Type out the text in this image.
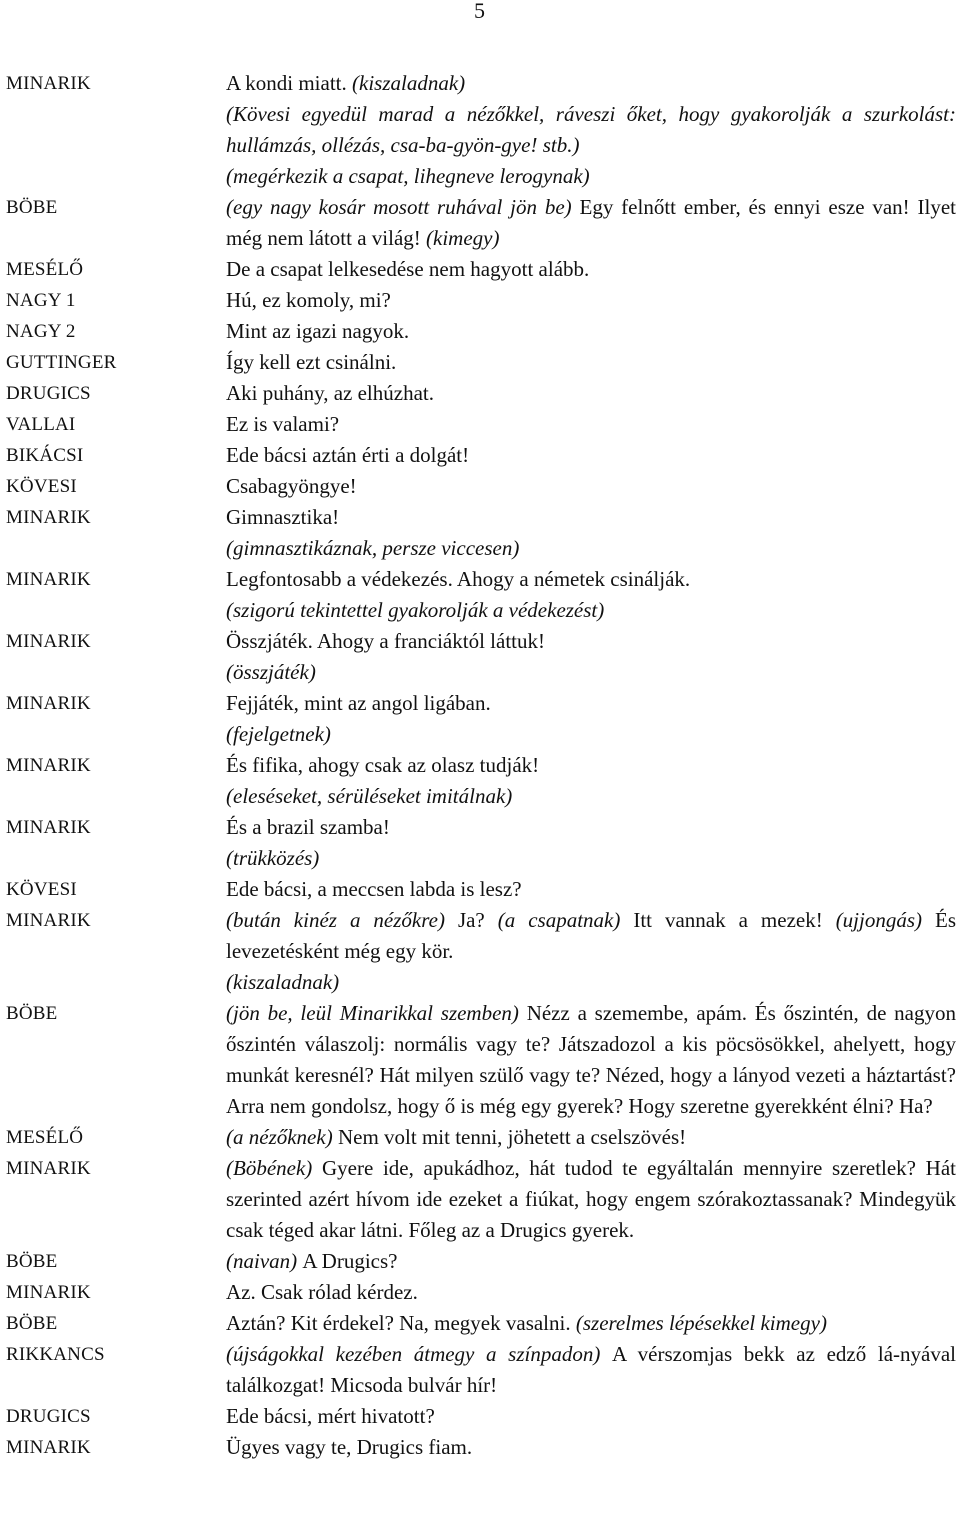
5
MINARIK	A kondi miatt. (kiszaladnak)
(Kövesi egyedül marad a nézőkkel, ráveszi őket, hogy gyakorolják a szurkolást: hullámzás, ollézás, csa-ba-gyön-gye! stb.)
(megérkezik a csapat, lihegneve lerogynak)
BÖBE	(egy nagy kosár mosott ruhával jön be) Egy felnőtt ember, és ennyi esze van! Ilyet még nem látott a világ! (kimegy)
MESÉLŐ	De a csapat lelkesedése nem hagyott alább.
NAGY 1	Hú, ez komoly, mi?
NAGY 2	Mint az igazi nagyok.
GUTTINGER	Így kell ezt csinálni.
DRUGICS	Aki puhány, az elhúzhat.
VALLAI	Ez is valami?
BIKÁCSI	Ede bácsi aztán érti a dolgát!
KÖVESI	Csabagyöngye!
MINARIK	Gimnasztika!
(gimnasztikáznak, persze viccesen)
MINARIK	Legfontosabb a védekezés. Ahogy a németek csinálják.
(szigorú tekintettel gyakorolják a védekezést)
MINARIK	Összjáték. Ahogy a franciáktól láttuk!
(összjáték)
MINARIK	Fejjáték, mint az angol ligában.
(fejelgetnek)
MINARIK	És fifika, ahogy csak az olasz tudják!
(eleséseket, sérüléseket imitálnak)
MINARIK	És a brazil szamba!
(trükközés)
KÖVESI	Ede bácsi, a meccsen labda is lesz?
MINARIK	(bután kinéz a nézőkre) Ja? (a csapatnak) Itt vannak a mezek! (ujjongás) És levezetésként még egy kör.
(kiszaladnak)
BÖBE	(jön be, leül Minarikkal szemben) Nézz a szemembe, apám. És őszintén, de nagyon őszintén válaszolj: normális vagy te? Játszadozol a kis pöcsösökkel, ahelyett, hogy munkát keresnél? Hát milyen szülő vagy te? Nézed, hogy a lányod vezeti a háztartást? Arra nem gondolsz, hogy ő is még egy gyerek? Hogy szeretne gyerekként élni? Ha?
MESÉLŐ	(a nézőknek) Nem volt mit tenni, jöhetett a cselszövés!
MINARIK	(Böbének) Gyere ide, apukádhoz, hát tudod te egyáltalán mennyire szeretlek? Hát szerinted azért hívom ide ezeket a fiúkat, hogy engem szórakoztassanak? Mindegyük csak téged akar látni. Főleg az a Drugics gyerek.
BÖBE	(naivan) A Drugics?
MINARIK	Az. Csak rólad kérdez.
BÖBE	Aztán? Kit érdekel? Na, megyek vasalni. (szerelmes lépésekkel kimegy)
RIKKANCS	(újságokkal kezében átmegy a színpadon) A vérszomjas bekk az edző lá-nyával találkozgat! Micsoda bulvár hír!
DRUGICS	Ede bácsi, mért hivatott?
MINARIK	Ügyes vagy te, Drugics fiam.
